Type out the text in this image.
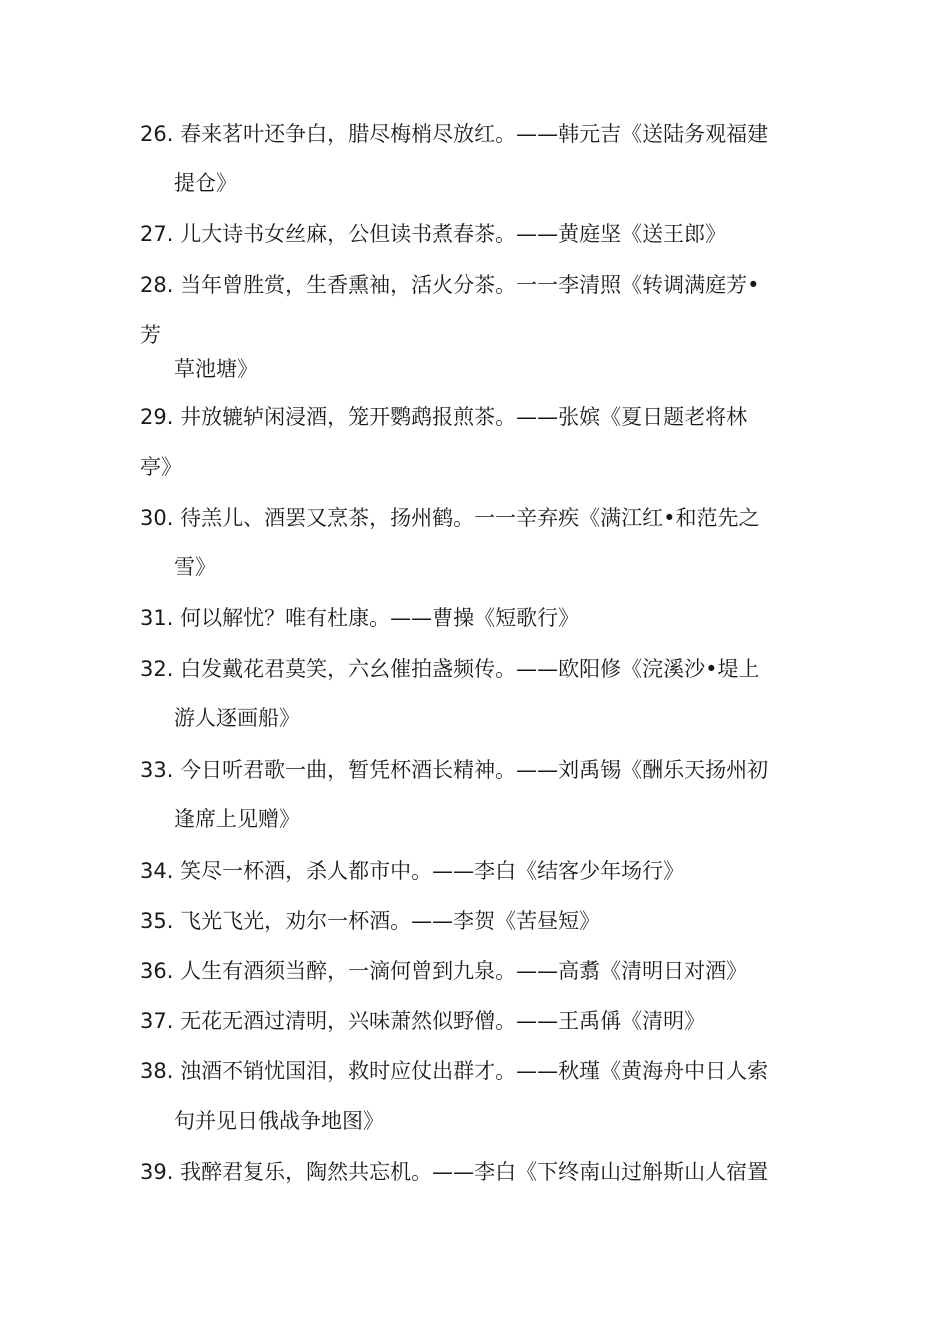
26. 春来茗叶还争白，腊尽梅梢尽放红。——韩元吉《送陆务观福建
提仓》
27. 儿大诗书女丝麻，公但读书煮春茶。——黄庭坚《送王郎》
28. 当年曾胜赏，生香熏袖，活火分茶。一一李清照《转调满庭芳•
芳
草池塘》
29. 井放辘轳闲浸酒，笼开鹦鹉报煎茶。——张嫔《夏日题老将林
亭》
30. 待羔儿、酒罢又烹茶，扬州鹤。一一辛弃疾《满江红•和范先之
雪》
31. 何以解忧？唯有杜康。——曹操《短歌行》
32. 白发戴花君莫笑，六幺催拍盏频传。——欧阳修《浣溪沙•堤上
游人逐画船》
33. 今日听君歌一曲，暂凭杯酒长精神。——刘禹锡《酬乐天扬州初
逢席上见赠》
34. 笑尽一杯酒，杀人都市中。——李白《结客少年场行》
35. 飞光飞光，劝尔一杯酒。——李贺《苦昼短》
36. 人生有酒须当醉，一滴何曾到九泉。——高翥《清明日对酒》
37. 无花无酒过清明，兴味萧然似野僧。——王禹偁《清明》
38. 浊酒不销忧国泪，救时应仗出群才。——秋瑾《黄海舟中日人索
句并见日俄战争地图》
39. 我醉君复乐，陶然共忘机。——李白《下终南山过斛斯山人宿置
